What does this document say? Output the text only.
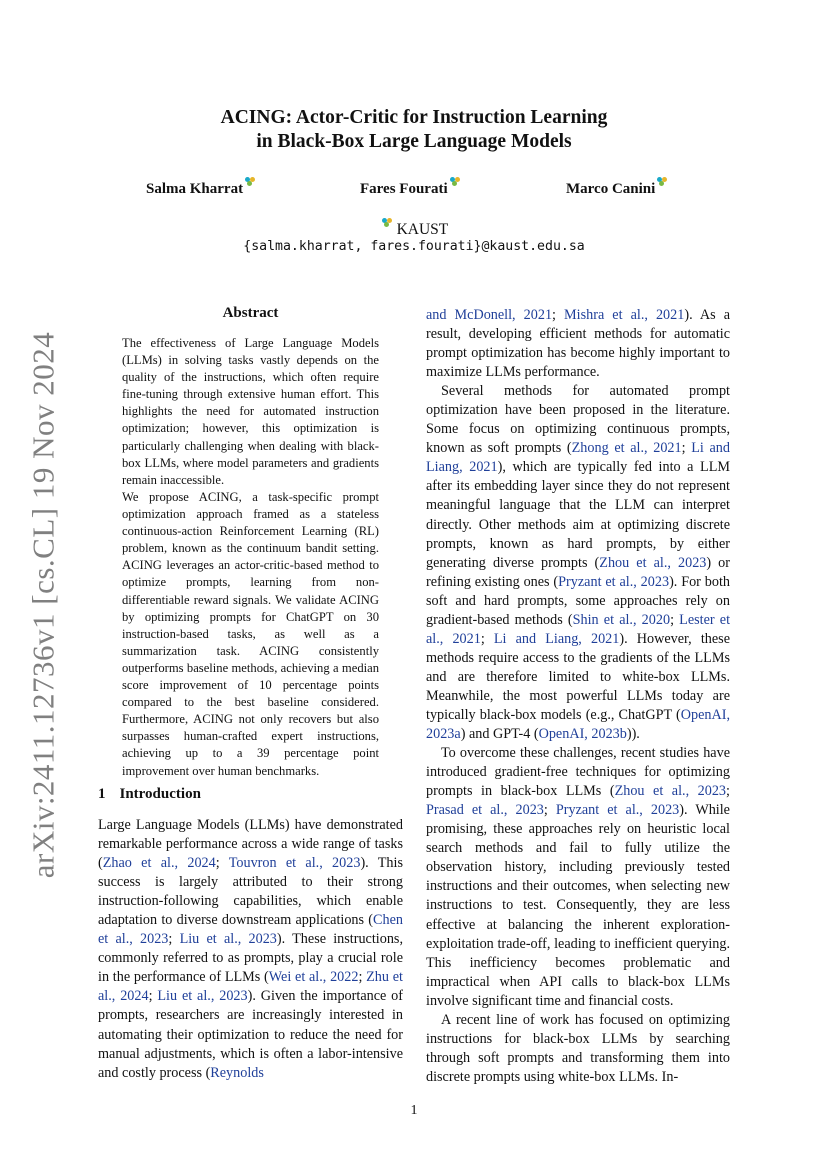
arXiv:2411.12736v1 [cs.CL] 19 Nov 2024
ACING: Actor-Critic for Instruction Learning
in Black-Box Large Language Models
Salma Kharrat	Fares Fourati	Marco Canini
KAUST
{salma.kharrat, fares.fourati}@kaust.edu.sa
Abstract
The effectiveness of Large Language Models (LLMs) in solving tasks vastly depends on the quality of the instructions, which often require fine-tuning through extensive human effort. This highlights the need for automated instruction optimization; however, this optimization is particularly challenging when dealing with black-box LLMs, where model parameters and gradients remain inaccessible.
We propose ACING, a task-specific prompt optimization approach framed as a stateless continuous-action Reinforcement Learning (RL) problem, known as the continuum bandit setting. ACING leverages an actor-critic-based method to optimize prompts, learning from non-differentiable reward signals. We validate ACING by optimizing prompts for ChatGPT on 30 instruction-based tasks, as well as a summarization task. ACING consistently outperforms baseline methods, achieving a median score improvement of 10 percentage points compared to the best baseline considered. Furthermore, ACING not only recovers but also surpasses human-crafted expert instructions, achieving up to a 39 percentage point improvement over human benchmarks.
1 Introduction

Large Language Models (LLMs) have demonstrated remarkable performance across a wide range of tasks (Zhao et al., 2024; Touvron et al., 2023). This success is largely attributed to their strong instruction-following capabilities, which enable adaptation to diverse downstream applications (Chen et al., 2023; Liu et al., 2023). These instructions, commonly referred to as prompts, play a crucial role in the performance of LLMs (Wei et al., 2022; Zhu et al., 2024; Liu et al., 2023). Given the importance of prompts, researchers are increasingly interested in automating their optimization to reduce the need for manual adjustments, which is often a labor-intensive and costly process (Reynolds

and McDonell, 2021; Mishra et al., 2021). As a result, developing efficient methods for automatic prompt optimization has become highly important to maximize LLMs performance.

Several methods for automated prompt optimization have been proposed in the literature. Some focus on optimizing continuous prompts, known as soft prompts (Zhong et al., 2021; Li and Liang, 2021), which are typically fed into a LLM after its embedding layer since they do not represent meaningful language that the LLM can interpret directly. Other methods aim at optimizing discrete prompts, known as hard prompts, by either generating diverse prompts (Zhou et al., 2023) or refining existing ones (Pryzant et al., 2023). For both soft and hard prompts, some approaches rely on gradient-based methods (Shin et al., 2020; Lester et al., 2021; Li and Liang, 2021). However, these methods require access to the gradients of the LLMs and are therefore limited to white-box LLMs. Meanwhile, the most powerful LLMs today are typically black-box models (e.g., ChatGPT (OpenAI, 2023a) and GPT-4 (OpenAI, 2023b)).

To overcome these challenges, recent studies have introduced gradient-free techniques for optimizing prompts in black-box LLMs (Zhou et al., 2023; Prasad et al., 2023; Pryzant et al., 2023). While promising, these approaches rely on heuristic local search methods and fail to fully utilize the observation history, including previously tested instructions and their outcomes, when selecting new instructions to test. Consequently, they are less effective at balancing the inherent exploration-exploitation trade-off, leading to inefficient querying. This inefficiency becomes problematic and impractical when API calls to black-box LLMs involve significant time and financial costs.

A recent line of work has focused on optimizing instructions for black-box LLMs by searching through soft prompts and transforming them into discrete prompts using white-box LLMs. In-

1
